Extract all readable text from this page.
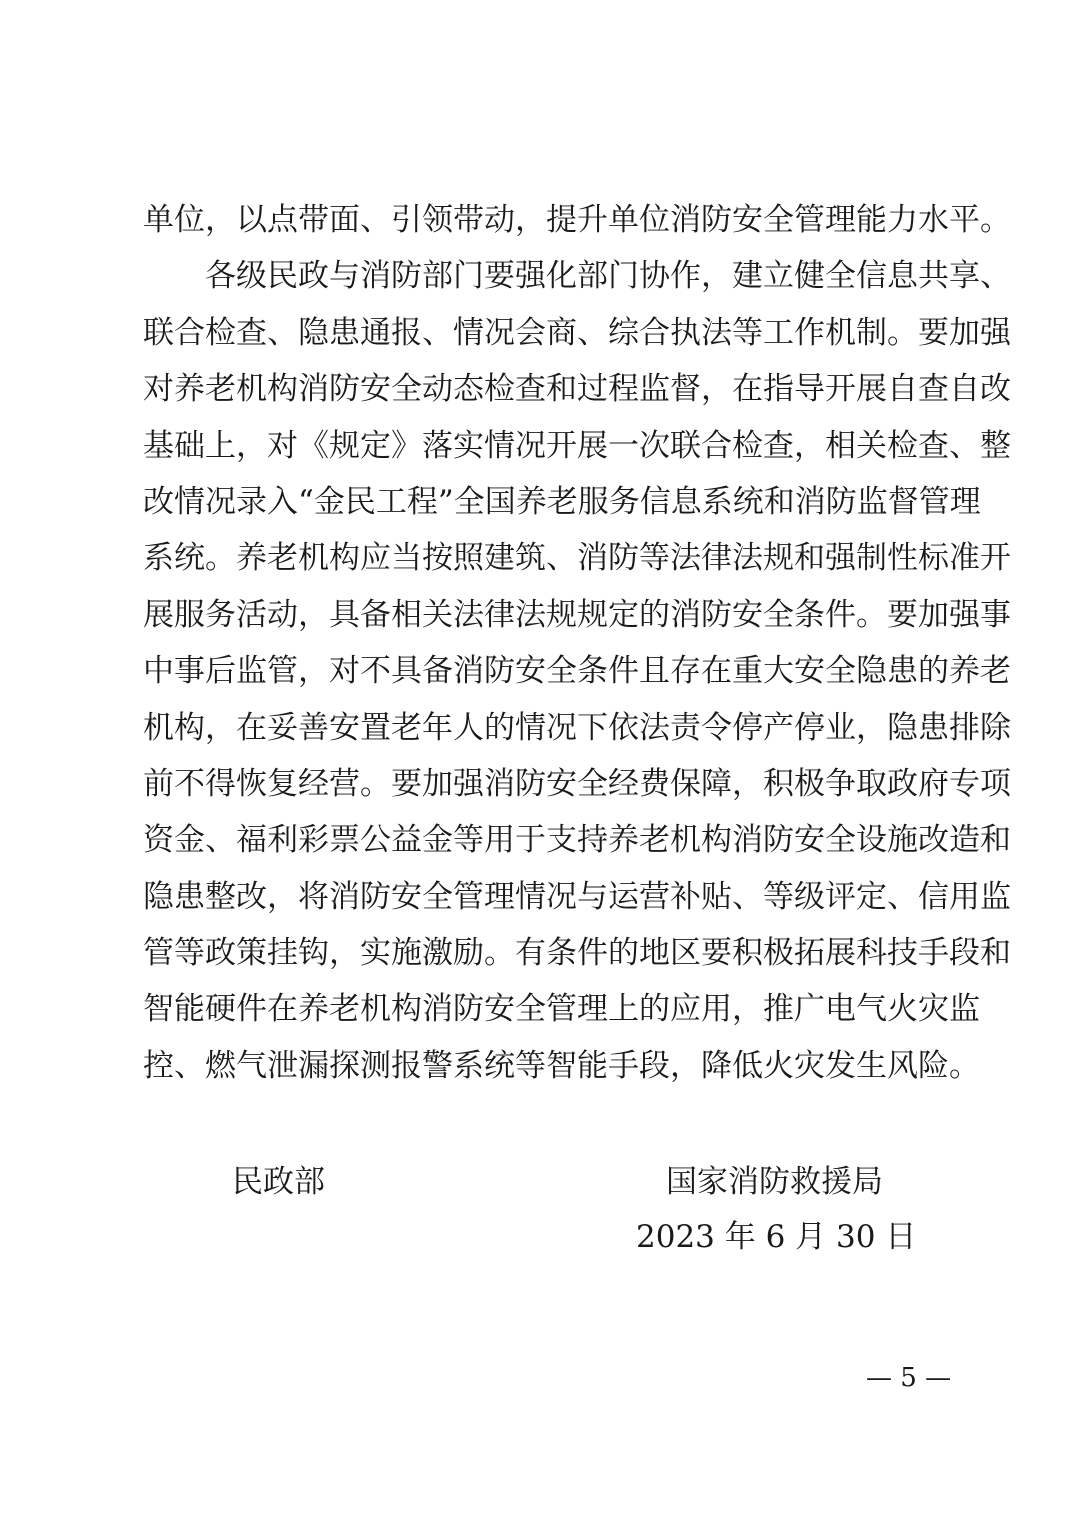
单位，以点带面、引领带动，提升单位消防安全管理能力水平。
各级民政与消防部门要强化部门协作，建立健全信息共享、
联合检查、隐患通报、情况会商、综合执法等工作机制。要加强
对养老机构消防安全动态检查和过程监督，在指导开展自查自改
基础上，对《规定》落实情况开展一次联合检查，相关检查、整
改情况录入“金民工程”全国养老服务信息系统和消防监督管理
系统。养老机构应当按照建筑、消防等法律法规和强制性标准开
展服务活动，具备相关法律法规规定的消防安全条件。要加强事
中事后监管，对不具备消防安全条件且存在重大安全隐患的养老
机构，在妥善安置老年人的情况下依法责令停产停业，隐患排除
前不得恢复经营。要加强消防安全经费保障，积极争取政府专项
资金、福利彩票公益金等用于支持养老机构消防安全设施改造和
隐患整改，将消防安全管理情况与运营补贴、等级评定、信用监
管等政策挂钩，实施激励。有条件的地区要积极拓展科技手段和
智能硬件在养老机构消防安全管理上的应用，推广电气火灾监
控、燃气泄漏探测报警系统等智能手段，降低火灾发生风险。
民政部	国家消防救援局
2023 年 6 月 30 日
— 5 —
